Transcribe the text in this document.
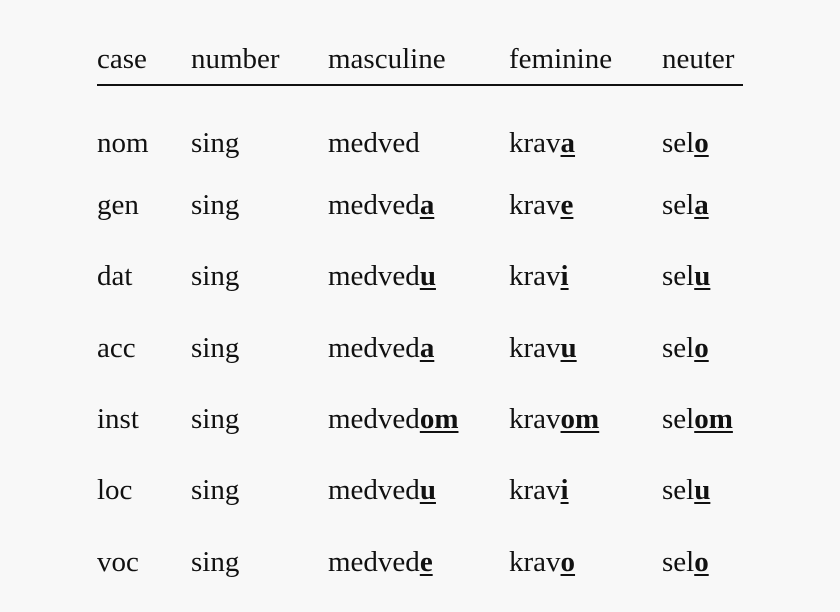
case	number	masculine	feminine	neuter
nom	sing	medved	krava	selo
gen	sing	medveda	krave	sela
dat	sing	medvedu	kravi	selu
acc	sing	medveda	kravu	selo
inst	sing	medvedom	kravom	selom
loc	sing	medvedu	kravi	selu
voc	sing	medvede	kravo	selo
